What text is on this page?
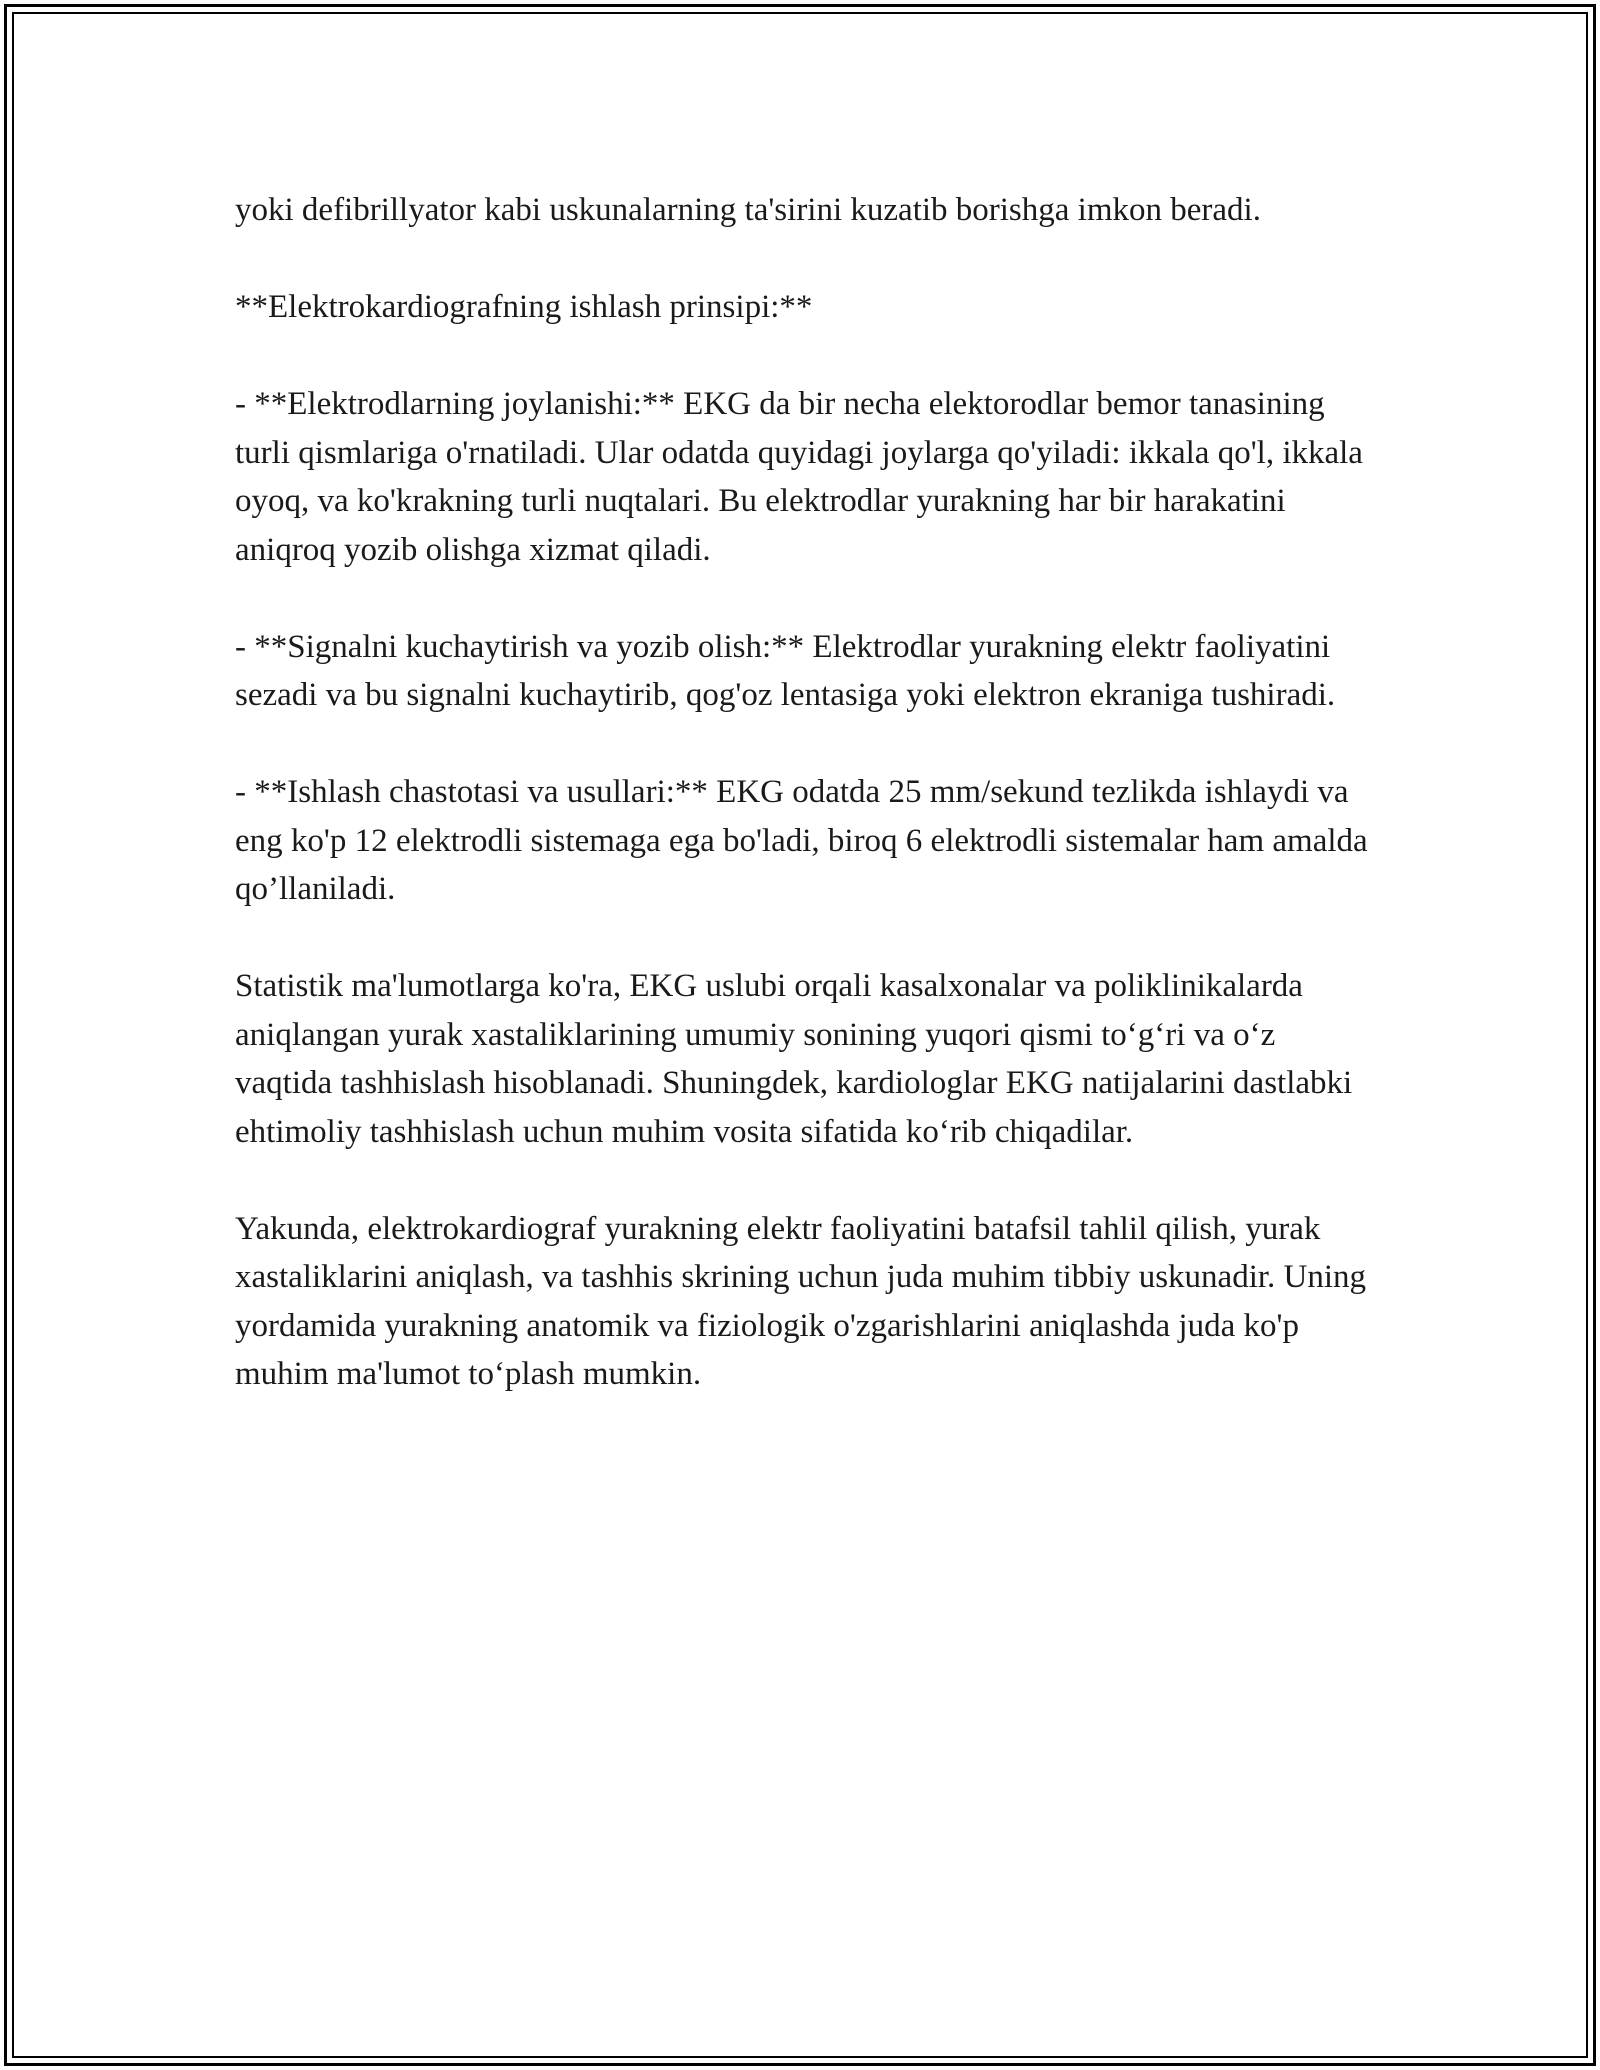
yoki defibrillyator kabi uskunalarning ta'sirini kuzatib borishga imkon beradi.

**Elektrokardiografning ishlash prinsipi:**

- **Elektrodlarning joylanishi:** EKG da bir necha elektorodlar bemor tanasining turli qismlariga o'rnatiladi. Ular odatda quyidagi joylarga qo'yiladi: ikkala qo'l, ikkala oyoq, va ko'krakning turli nuqtalari. Bu elektrodlar yurakning har bir harakatini aniqroq yozib olishga xizmat qiladi.

- **Signalni kuchaytirish va yozib olish:** Elektrodlar yurakning elektr faoliyatini sezadi va bu signalni kuchaytirib, qog'oz lentasiga yoki elektron ekraniga tushiradi.

- **Ishlash chastotasi va usullari:** EKG odatda 25 mm/sekund tezlikda ishlaydi va eng ko'p 12 elektrodli sistemaga ega bo'ladi, biroq 6 elektrodli sistemalar ham amalda qo’llaniladi.

Statistik ma'lumotlarga ko'ra, EKG uslubi orqali kasalxonalar va poliklinikalarda aniqlangan yurak xastaliklarining umumiy sonining yuqori qismi to‘g‘ri va o‘z vaqtida tashhislash hisoblanadi. Shuningdek, kardiologlar EKG natijalarini dastlabki ehtimoliy tashhislash uchun muhim vosita sifatida ko‘rib chiqadilar.

Yakunda, elektrokardiograf yurakning elektr faoliyatini batafsil tahlil qilish, yurak xastaliklarini aniqlash, va tashhis skrining uchun juda muhim tibbiy uskunadir. Uning yordamida yurakning anatomik va fiziologik o'zgarishlarini aniqlashda juda ko'p muhim ma'lumot to‘plash mumkin.
